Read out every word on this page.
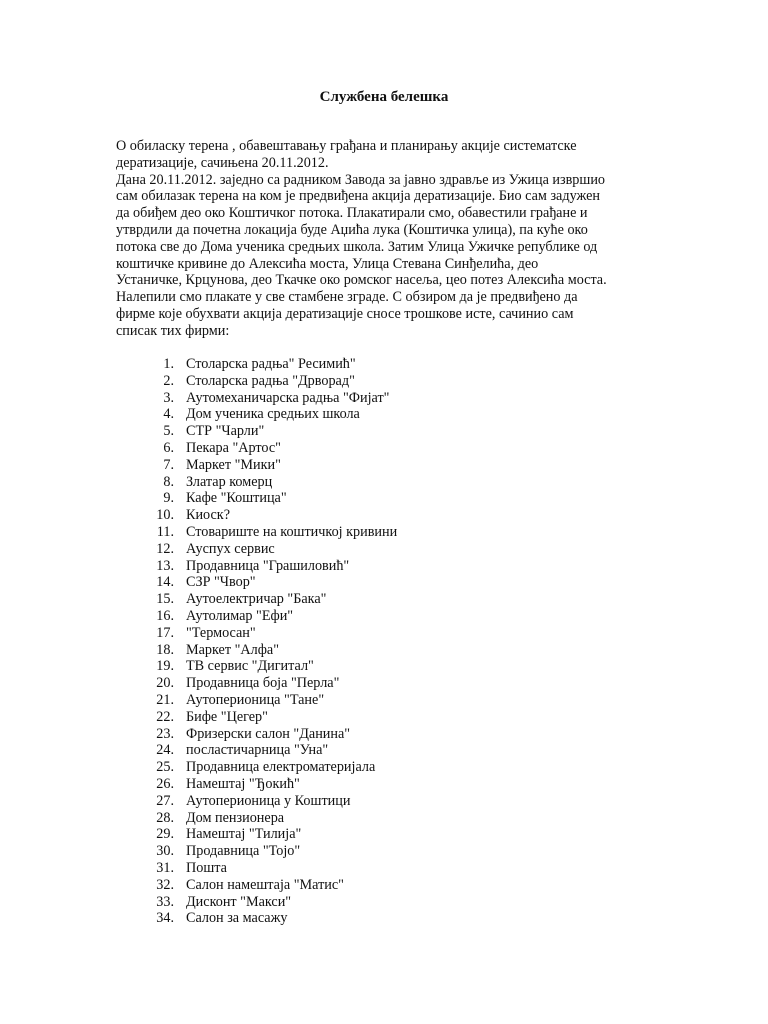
Службена белешка

О обиласку терена , обавештавању грађана и планирању акције систематске

дератизације, сачињена 20.11.2012.

Дана 20.11.2012. заједно са радником Завода за јавно здравље из Ужица извршио

сам обилазак терена на ком је предвиђена акција дератизације. Био сам задужен

да обиђем део око Коштичког потока. Плакатирали смо, обавестили грађане и

утврдили да почетна локација буде Аџића лука (Коштичка улица), па куће око

потока све до Дома ученика средњих школа. Затим Улица Ужичке републике од

коштичке кривине до Алексића моста, Улица Стевана Синђелића, део

Устаничке, Крцунова, део Ткачке око ромског насеља, цео потез Алексића моста.

Налепили смо плакате у све стамбене зграде. С обзиром да је предвиђено да

фирме које обухвати акција дератизације сносе трошкове исте, сачинио сам

списак тих фирми:

1. Столарска радња" Ресимић"
2. Столарска радња "Дрворад"
3. Аутомеханичарска радња "Фијат"
4. Дом ученика средњих школа
5. СТР "Чарли"
6. Пекара "Артос"
7. Маркет "Мики"
8. Златар комерц
9. Кафе "Коштица"
10. Киоск?
11. Стовариште на коштичкој кривини
12. Ауспух сервис
13. Продавница "Грашиловић"
14. СЗР "Чвор"
15. Аутоелектричар "Бака"
16. Аутолимар "Ефи"
17. "Термосан"
18. Маркет "Алфа"
19. ТВ сервис "Дигитал"
20. Продавница боја "Перла"
21. Аутоперионица "Тане"
22. Бифе "Цегер"
23. Фризерски салон "Данина"
24. посластичарница "Уна"
25. Продавница електроматеријала
26. Намештај "Ђокић"
27. Аутоперионица у Коштици
28. Дом пензионера
29. Намештај "Тилија"
30. Продавница "Тојо"
31. Пошта
32. Салон намештаја "Матис"
33. Дисконт "Макси"
34. Салон за масажу
